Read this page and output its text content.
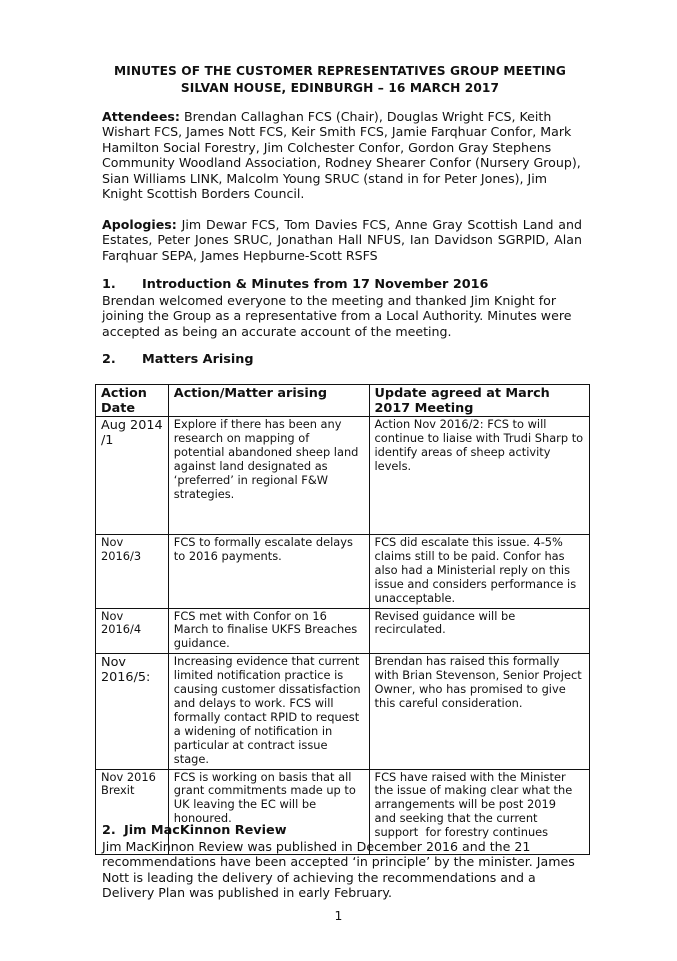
MINUTES OF THE CUSTOMER REPRESENTATIVES GROUP MEETING
SILVAN HOUSE, EDINBURGH – 16 MARCH 2017
Attendees: Brendan Callaghan FCS (Chair), Douglas Wright FCS, Keith Wishart FCS, James Nott FCS, Keir Smith FCS, Jamie Farqhuar Confor, Mark Hamilton Social Forestry, Jim Colchester Confor, Gordon Gray Stephens Community Woodland Association, Rodney Shearer Confor (Nursery Group), Sian Williams LINK, Malcolm Young SRUC (stand in for Peter Jones), Jim Knight Scottish Borders Council.
Apologies: Jim Dewar FCS, Tom Davies FCS, Anne Gray Scottish Land and Estates, Peter Jones SRUC, Jonathan Hall NFUS, Ian Davidson SGRPID, Alan Farqhuar SEPA, James Hepburne-Scott RSFS
1. Introduction & Minutes from 17 November 2016
Brendan welcomed everyone to the meeting and thanked Jim Knight for joining the Group as a representative from a Local Authority. Minutes were accepted as being an accurate account of the meeting.
2. Matters Arising
Action Date	Action/Matter arising	Update agreed at March 2017 Meeting
Aug 2014 /1	Explore if there has been any research on mapping of potential abandoned sheep land against land designated as ‘preferred’ in regional F&W strategies.	Action Nov 2016/2: FCS to will continue to liaise with Trudi Sharp to identify areas of sheep activity levels.
Nov 2016/3	FCS to formally escalate delays to 2016 payments.	FCS did escalate this issue. 4-5% claims still to be paid. Confor has also had a Ministerial reply on this issue and considers performance is unacceptable.
Nov 2016/4	FCS met with Confor on 16 March to finalise UKFS Breaches guidance.	Revised guidance will be recirculated.
Nov 2016/5:	Increasing evidence that current limited notification practice is causing customer dissatisfaction and delays to work. FCS will formally contact RPID to request a widening of notification in particular at contract issue stage.	Brendan has raised this formally with Brian Stevenson, Senior Project Owner, who has promised to give this careful consideration.
Nov 2016 Brexit	FCS is working on basis that all grant commitments made up to UK leaving the EC will be honoured.	FCS have raised with the Minister the issue of making clear what the arrangements will be post 2019      and seeking that the current support  for forestry continues
2. Jim MacKinnon Review
Jim MacKinnon Review was published in December 2016 and the 21 recommendations have been accepted ‘in principle’ by the minister. James Nott is leading the delivery of achieving the recommendations and a Delivery Plan was published in early February.
1
